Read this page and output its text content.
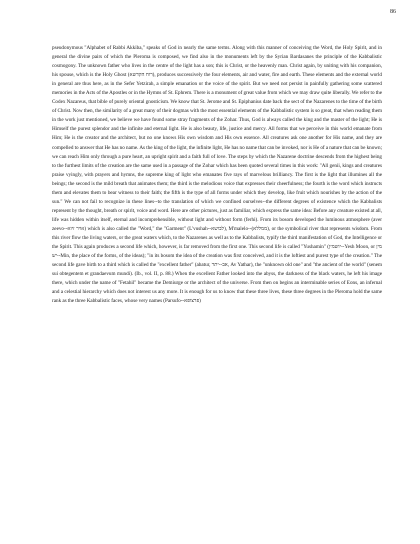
86

pseudonymous "Alphabet of Rabbi Akkiba," speaks of God in nearly the same terms. Along with this manner of conceiving the Word, the Holy Spirit, and in general the divine pairs of which the Pleroma is composed, we find also in the monuments left by the Syrian Bardasanes the principle of the Kabbalistic cosmogony. The unknown father who lives in the centre of the light has a son; this is Christ, or the heavenly man. Christ again, by uniting with his companion, his spouse, which is the Holy Ghost (רוח הקדשא), produces successively the four elements, air and water, fire and earth. These elements and the external world in general are thus here, as in the Sefer Yetzirah, a simple emanation or the voice of the spirit. But we need not persist in painfully gathering some scattered memories in the Acts of the Apostles or in the Hymns of St. Ephrem. There is a monument of great value from which we may draw quite liberally. We refer to the Codex Nazareus, that bible of purely oriental gnosticism. We know that St. Jerome and St. Epiphanius date back the sect of the Nazarenes to the time of the birth of Christ. Now then, the similarity of a great many of their dogmas with the most essential elements of the Kabbalistic system is so great, that when reading them in the work just mentioned, we believe we have found some stray fragments of the Zohar. Thus, God is always called the king and the master of the light; He is Himself the purest splendor and the infinite and eternal light. He is also beauty, life, justice and mercy. All forms that we perceive in this world emanate from Him; He is the creator and the architect, but no one knows His own wisdom and His own essence. All creatures ask one another for His name, and they are compelled to answer that He has no name. As the king of the light, the infinite light, He has no name that can be invoked, nor is He of a nature that can be known; we can reach Him only through a pure heart, an upright spirit and a faith full of love. The steps by which the Nazarene doctrine descends from the highest being to the furthest limits of the creation are the same used in a passage of the Zohar which has been quoted several times in this work: "All genii, kings and creatures praise vyingly, with prayers and hymns, the supreme king of light who emanates five rays of marvelous brilliancy. The first is the light that illumines all the beings; the second is the mild breath that animates them; the third is the melodious voice that expresses their cheerfulness; the fourth is the word which instructs them and elevates them to bear witness to their faith; the fifth is the type of all forms under which they develop, like fruit which nourishes by the action of the sun." We can not fail to recognize in these lines--to the translation of which we confined ourselves--the different degrees of existence which the Kabbalists represent by the thought, breath or spirit, voice and word. Here are other pictures, just as familiar, which express the same idea: Before any creature existed at all, life was hidden within itself, eternal and incomprehensible, without light and without form (ferhi). From its bosom developed the luminous atmosphere (aver zeevo--אויר זיוא) which is also called the "Word," the "Garment" (L'vushah--לבושא), M'malelo--(ממללא), or the symbolical river that represents wisdom. From this river flow the living waters, or the great waters which, to the Nazarenes as well as to the Kabbalists, typify the third manifestation of God, the Intelligence or the Spirit. This again produces a second life which, however, is far removed from the first one. This second life is called "Yushamin" (יושמין--Yesh Moon, or מין יש--Min, the place of the forms, of the ideas); "in its bosom the idea of the creation was first conceived, and it is the loftiest and purest type of the creation." The second life gave birth to a third which is called the "excellent father" (abatur, אב--יתר, Av Yathar), the "unknown old one" and "the ancient of the world" (senem sui obtegentem et grandaevum mundi). (Ib., vol. II, p. 88.) When the excellent Father looked into the abyss, the darkness of the black waters, he left his image there, which under the name of "Fetahil" became the Demiurge or the architect of the universe. From then on begins an interminable series of Eons, an infernal and a celestial hierarchy which does not interest us any more. It is enough for us to know that these three lives, these three degrees in the Pleroma hold the same rank as the three Kabbalistic faces, whose very names (Parsufo--פרצופא)
